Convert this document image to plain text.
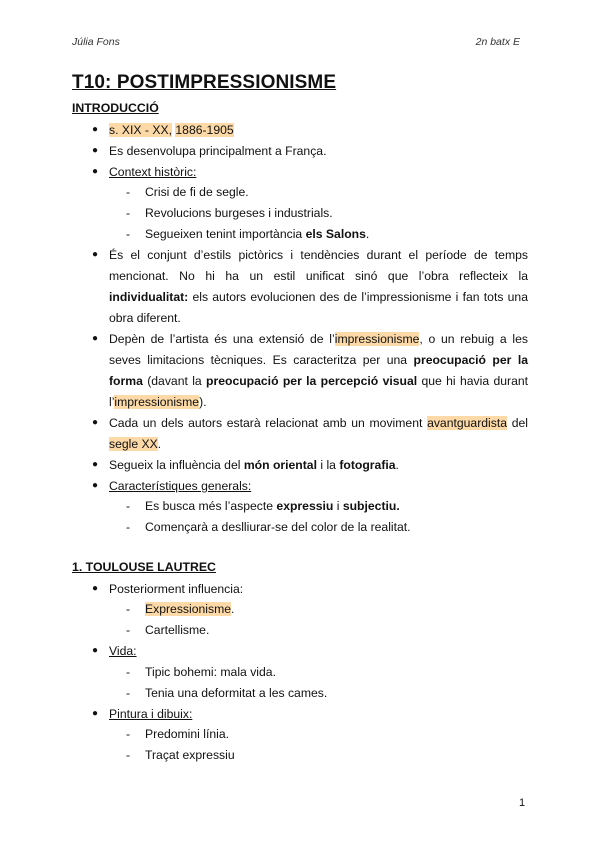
Júlia Fons	2n batx E
T10: POSTIMPRESSIONISME
INTRODUCCIÓ
● s. XIX - XX, 1886-1905
● Es desenvolupa principalment a França.
● Context històric:
- Crisi de fi de segle.
- Revolucions burgeses i industrials.
- Segueixen tenint importància els Salons.
● És el conjunt d’estils pictòrics i tendències durant el període de temps
mencionat. No hi ha un estil unificat sinó que l’obra reflecteix la
individualitat: els autors evolucionen des de l’impressionisme i fan tots una
obra diferent.
● Depèn de l’artista és una extensió de l’impressionisme, o un rebuig a les
seves limitacions tècniques. Es caracteritza per una preocupació per la
forma (davant la preocupació per la percepció visual que hi havia durant
l’impressionisme).
● Cada un dels autors estarà relacionat amb un moviment avantguardista del
segle XX.
● Segueix la influència del món oriental i la fotografia.
● Característiques generals:
- Es busca més l’aspecte expressiu i subjectiu.
- Començarà a deslliurar-se del color de la realitat.
1. TOULOUSE LAUTREC
● Posteriorment influencia:
- Expressionisme.
- Cartellisme.
● Vida:
- Tipic bohemi: mala vida.
- Tenia una deformitat a les cames.
● Pintura i dibuix:
- Predomini línia.
- Traçat expressiu
1
